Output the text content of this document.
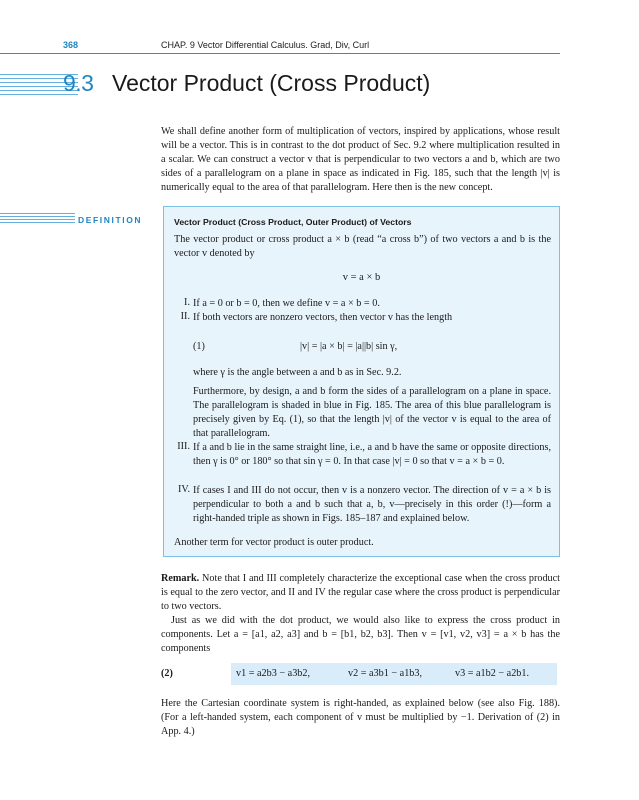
368	CHAP. 9 Vector Differential Calculus. Grad, Div, Curl
9.3 Vector Product (Cross Product)

We shall define another form of multiplication of vectors, inspired by applications, whose result will be a vector. This is in contrast to the dot product of Sec. 9.2 where multiplication resulted in a scalar. We can construct a vector v that is perpendicular to two vectors a and b, which are two sides of a parallelogram on a plane in space as indicated in Fig. 185, such that the length |v| is numerically equal to the area of that parallelogram. Here then is the new concept.

DEFINITION	Vector Product (Cross Product, Outer Product) of Vectors

The vector product or cross product a × b (read “a cross b”) of two vectors a and b is the vector v denoted by

v = a × b
I. If a = 0 or b = 0, then we define v = a × b = 0.

II. If both vectors are nonzero vectors, then vector v has the length

(1)	|v| = |a × b| = |a||b| sin γ,

where γ is the angle between a and b as in Sec. 9.2.

Furthermore, by design, a and b form the sides of a parallelogram on a plane in space. The parallelogram is shaded in blue in Fig. 185. The area of this blue parallelogram is precisely given by Eq. (1), so that the length |v| of the vector v is equal to the area of that parallelogram.

III. If a and b lie in the same straight line, i.e., a and b have the same or opposite directions, then γ is 0° or 180° so that sin γ = 0. In that case |v| = 0 so that v = a × b = 0.

IV. If cases I and III do not occur, then v is a nonzero vector. The direction of v = a × b is perpendicular to both a and b such that a, b, v—precisely in this order (!)—form a right-handed triple as shown in Figs. 185–187 and explained below.

Another term for vector product is outer product.

Remark. Note that I and III completely characterize the exceptional case when the cross product is equal to the zero vector, and II and IV the regular case where the cross product is perpendicular to two vectors.

Just as we did with the dot product, we would also like to express the cross product in components. Let a = [a1, a2, a3] and b = [b1, b2, b3]. Then v = [v1, v2, v3] = a × b has the components

(2)	v1 = a2b3 − a3b2,	v2 = a3b1 − a1b3,	v3 = a1b2 − a2b1.

Here the Cartesian coordinate system is right-handed, as explained below (see also Fig. 188). (For a left-handed system, each component of v must be multiplied by −1. Derivation of (2) in App. 4.)
